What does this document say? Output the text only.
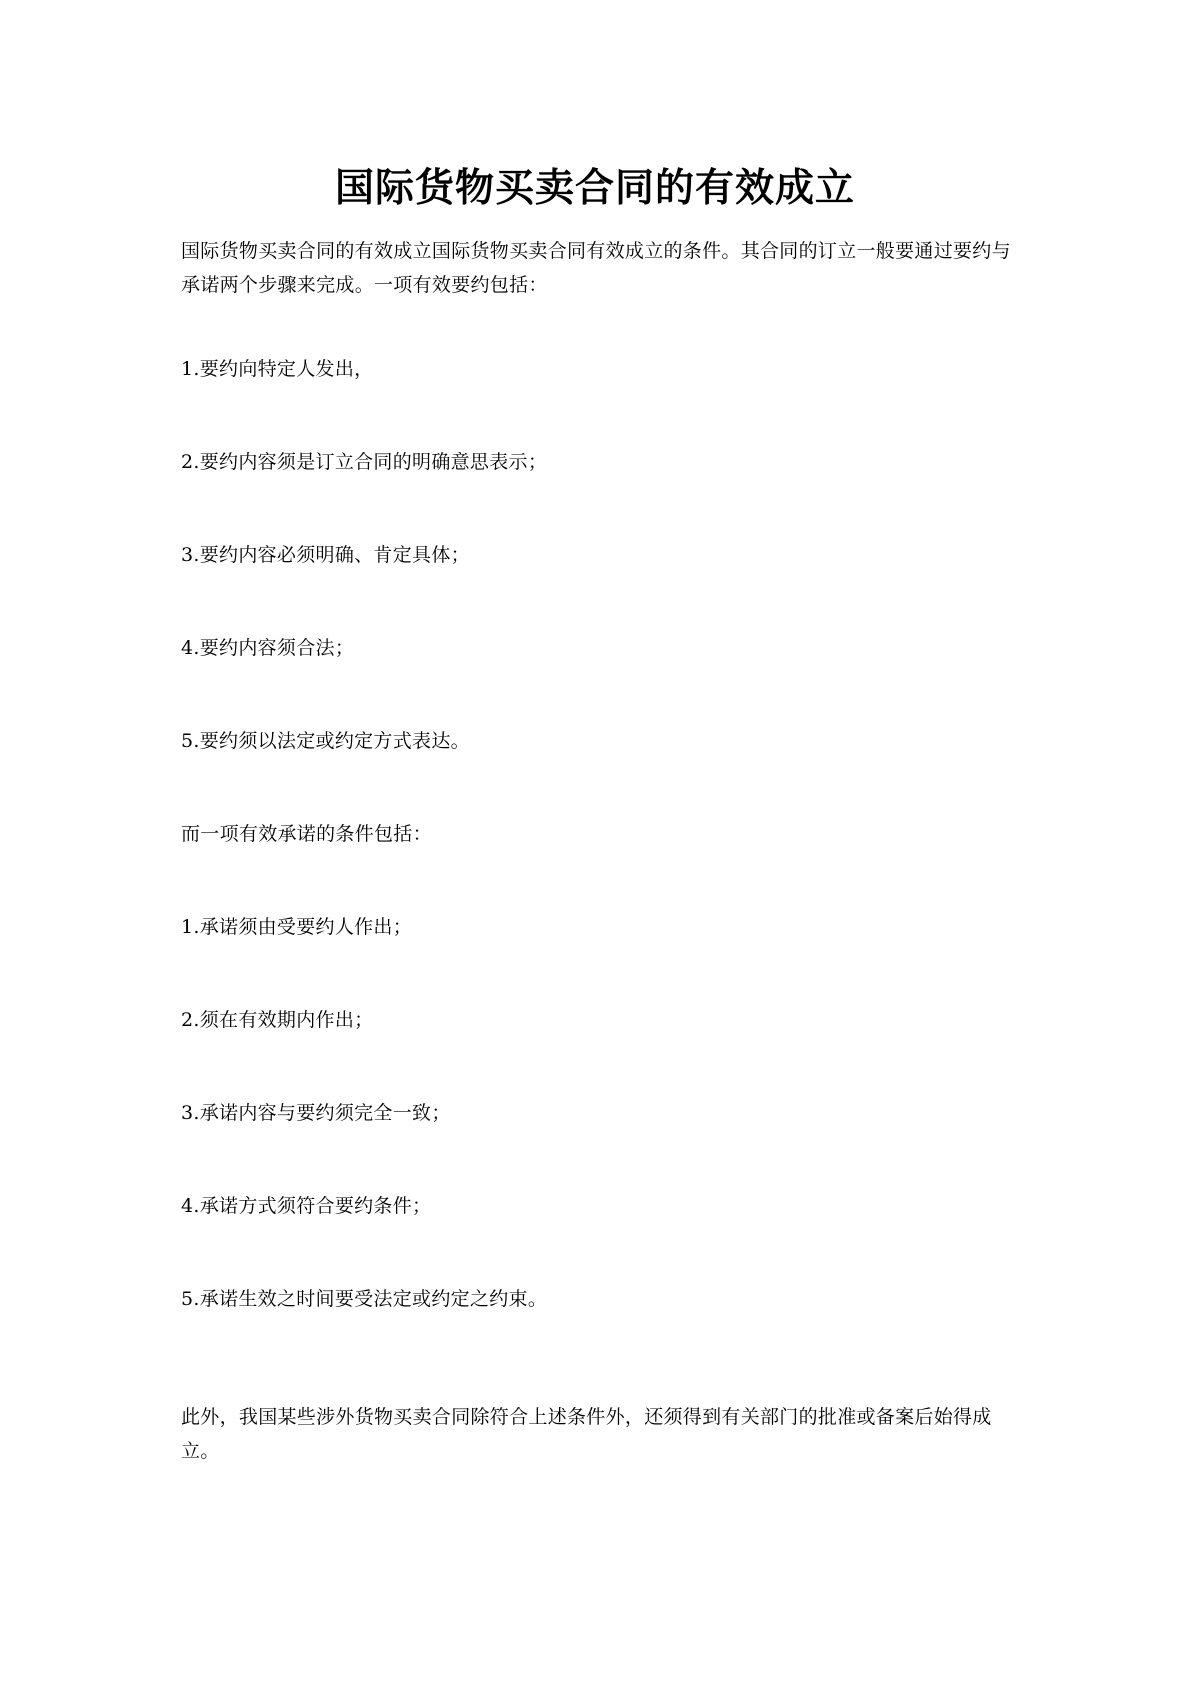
国际货物买卖合同的有效成立

国际货物买卖合同的有效成立国际货物买卖合同有效成立的条件。其合同的订立一般要通过要约与承诺两个步骤来完成。一项有效要约包括：

1.要约向特定人发出，

2.要约内容须是订立合同的明确意思表示；

3.要约内容必须明确、肯定具体；

4.要约内容须合法；

5.要约须以法定或约定方式表达。

而一项有效承诺的条件包括：

1.承诺须由受要约人作出；

2.须在有效期内作出；

3.承诺内容与要约须完全一致；

4.承诺方式须符合要约条件；

5.承诺生效之时间要受法定或约定之约束。

此外，我国某些涉外货物买卖合同除符合上述条件外，还须得到有关部门的批准或备案后始得成立。
